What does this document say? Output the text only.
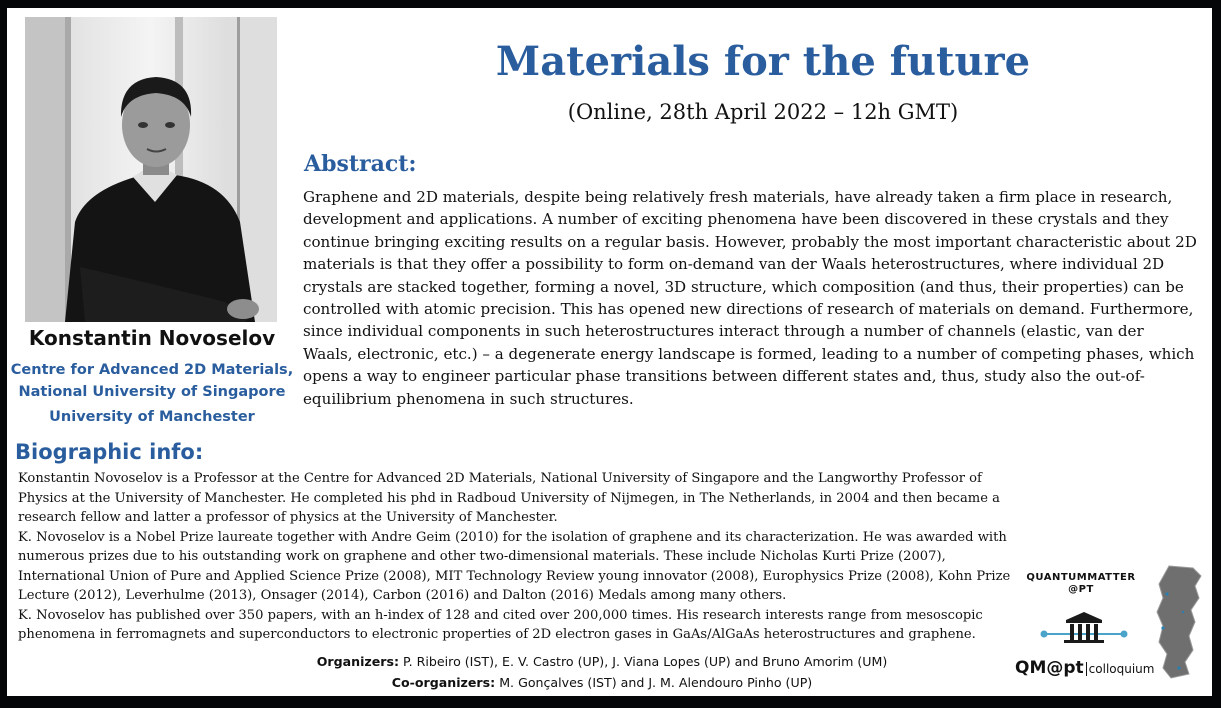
Konstantin Novoselov
Centre for Advanced 2D Materials,
National University of Singapore
University of Manchester
Materials for the future
(Online, 28th April 2022 – 12h GMT)
Abstract:
Graphene and 2D materials, despite being relatively fresh materials, have already taken a firm place in research, development and applications. A number of exciting phenomena have been discovered in these crystals and they continue bringing exciting results on a regular basis. However, probably the most important characteristic about 2D materials is that they offer a possibility to form on-demand van der Waals heterostructures, where individual 2D crystals are stacked together, forming a novel, 3D structure, which composition (and thus, their properties) can be controlled with atomic precision. This has opened new directions of research of materials on demand. Furthermore, since individual components in such heterostructures interact through a number of channels (elastic, van der Waals, electronic, etc.) – a degenerate energy landscape is formed, leading to a number of competing phases, which opens a way to engineer particular phase transitions between different states and, thus, study also the out-of-equilibrium phenomena in such structures.
Biographic info:

Konstantin Novoselov is a Professor at the Centre for Advanced 2D Materials, National University of Singapore and the Langworthy Professor of Physics at the University of Manchester. He completed his phd in Radboud University of Nijmegen, in The Netherlands, in 2004 and then became a research fellow and latter a professor of physics at the University of Manchester.

K. Novoselov is a Nobel Prize laureate together with Andre Geim (2010) for the isolation of graphene and its characterization. He was awarded with numerous prizes due to his outstanding work on graphene and other two-dimensional materials. These include Nicholas Kurti Prize (2007), International Union of Pure and Applied Science Prize (2008), MIT Technology Review young innovator (2008), Europhysics Prize (2008), Kohn Prize Lecture (2012), Leverhulme (2013), Onsager (2014), Carbon (2016) and Dalton (2016) Medals among many others.

K. Novoselov has published over 350 papers, with an h-index of 128 and cited over 200,000 times. His research interests range from mesoscopic phenomena in ferromagnets and superconductors to electronic properties of 2D electron gases in GaAs/AlGaAs heterostructures and graphene.

Organizers: P. Ribeiro (IST), E. V. Castro (UP), J. Viana Lopes (UP) and Bruno Amorim (UM)
Co-organizers: M. Gonçalves (IST) and J. M. Alendouro Pinho (UP)
QUANTUMMATTER
@PT
QM@pt colloquium
